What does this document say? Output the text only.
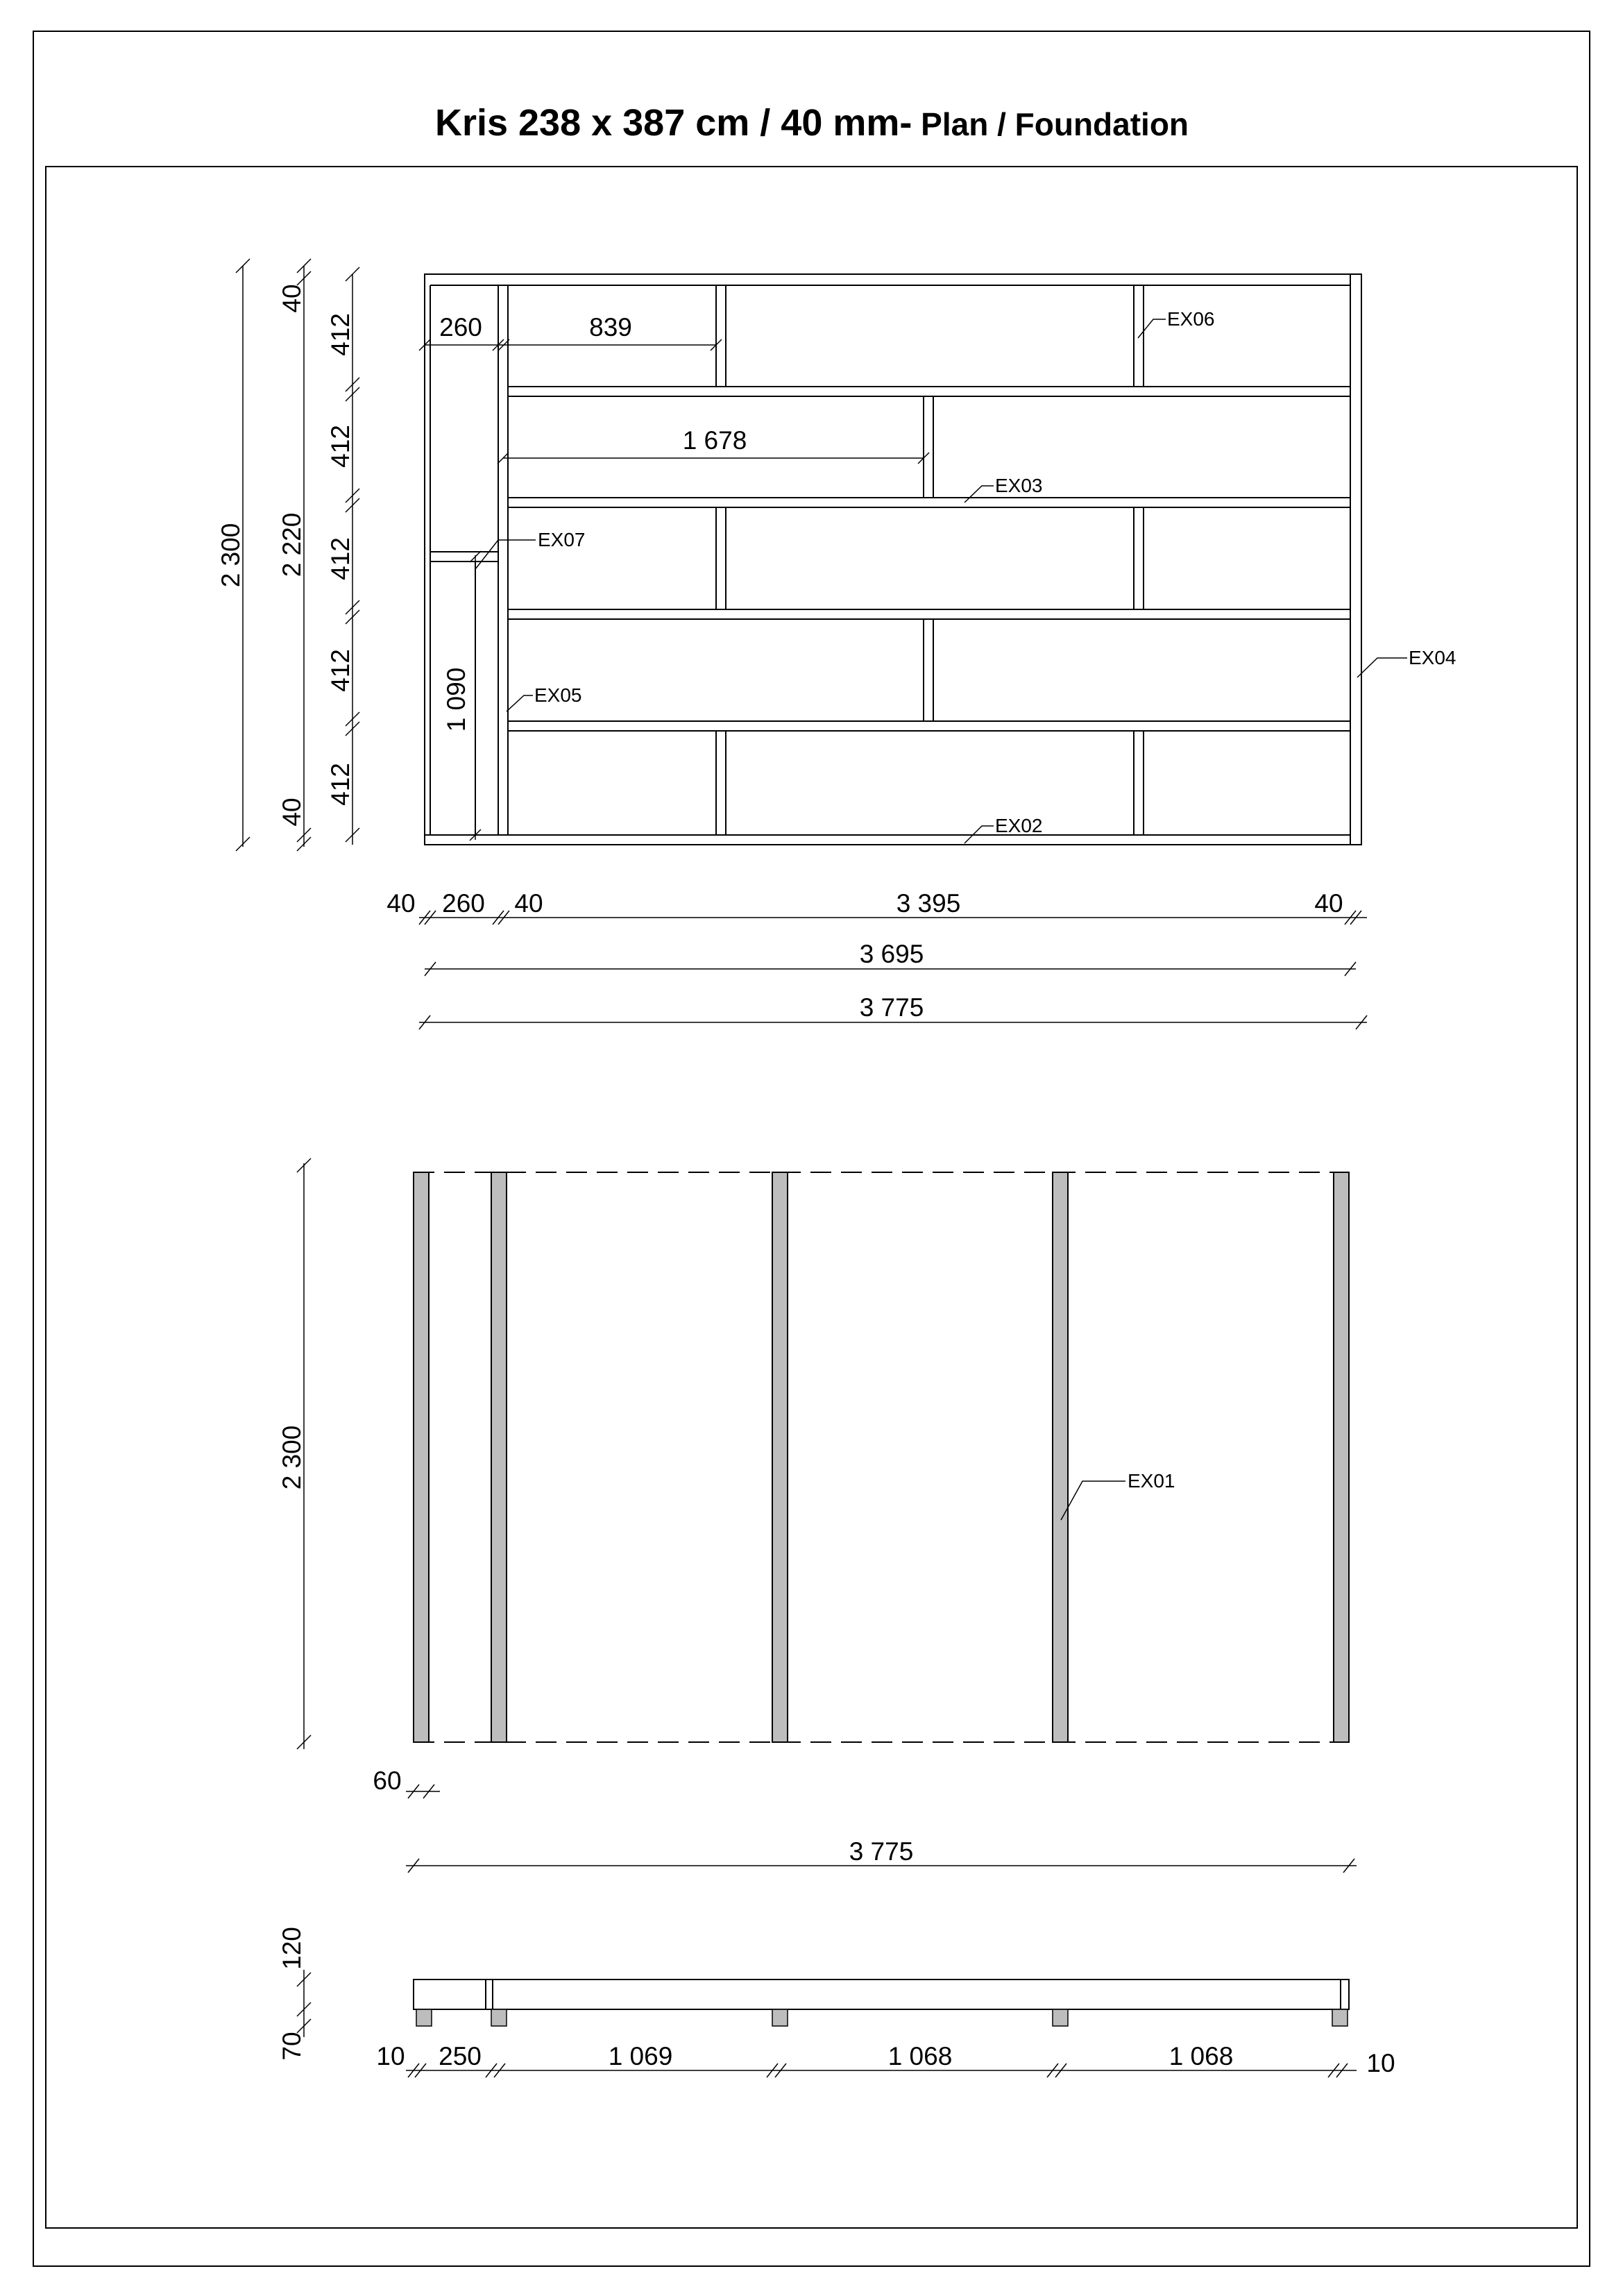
Kris 238 x 387 cm / 40 mm- Plan / Foundation
260	839
1 678
1 090
2 300 2 220
40
40
412
412
412
412
412
40 260 40	3 395	40
3 695
3 775
EX06
EX03
EX07
EX05
EX04
EX02
2 300
60
3 775
EX01
120
70	10 250	1 069	1 068	1 068	10
